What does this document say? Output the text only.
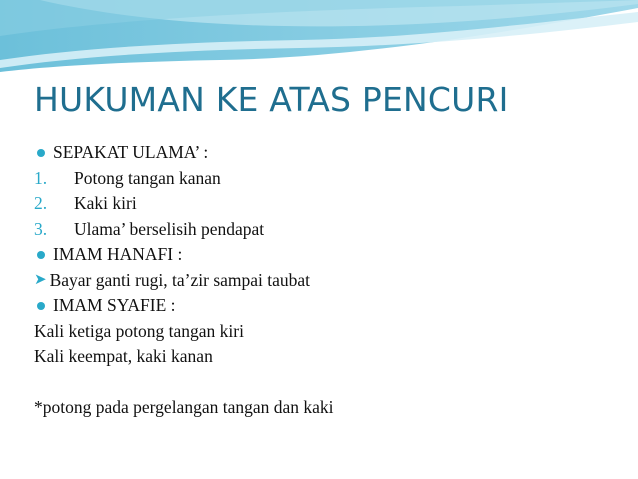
HUKUMAN KE ATAS PENCURI
SEPAKAT ULAMA’ :
1.	Potong tangan kanan
2.	Kaki kiri
3.	Ulama’ berselisih pendapat
IMAM HANAFI :
➤ Bayar ganti rugi, ta’zir sampai taubat
IMAM SYAFIE :
Kali ketiga potong tangan kiri
Kali keempat, kaki kanan
*potong pada pergelangan tangan dan kaki
